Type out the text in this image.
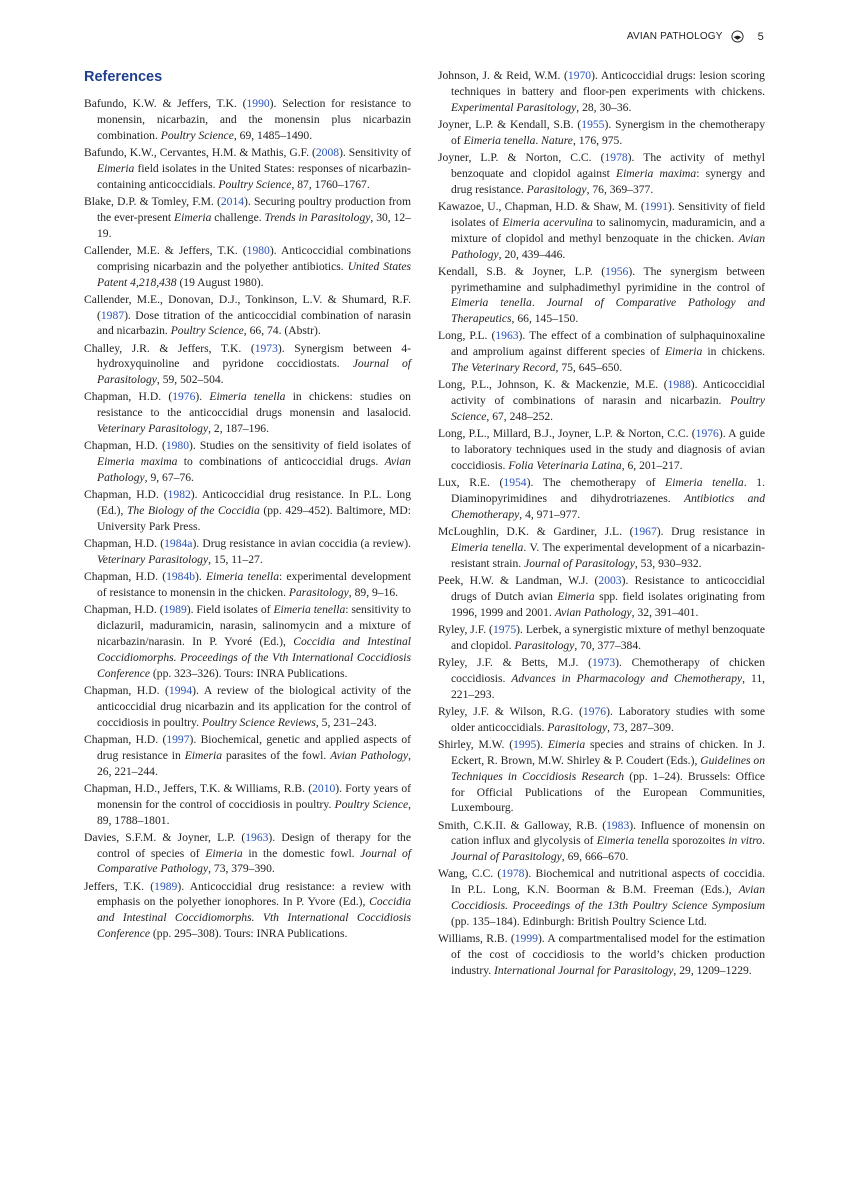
AVIAN PATHOLOGY	5
References

Bafundo, K.W. & Jeffers, T.K. (1990). Selection for resistance to monensin, nicarbazin, and the monensin plus nicarbazin combination. Poultry Science, 69, 1485–1490.

Bafundo, K.W., Cervantes, H.M. & Mathis, G.F. (2008). Sensitivity of Eimeria field isolates in the United States: responses of nicarbazin-containing anticoccidials. Poultry Science, 87, 1760–1767.

Blake, D.P. & Tomley, F.M. (2014). Securing poultry production from the ever-present Eimeria challenge. Trends in Parasitology, 30, 12–19.

Callender, M.E. & Jeffers, T.K. (1980). Anticoccidial combinations comprising nicarbazin and the polyether antibiotics. United States Patent 4,218,438 (19 August 1980).

Callender, M.E., Donovan, D.J., Tonkinson, L.V. & Shumard, R.F. (1987). Dose titration of the anticoccidial combination of narasin and nicarbazin. Poultry Science, 66, 74. (Abstr).

Challey, J.R. & Jeffers, T.K. (1973). Synergism between 4-hydroxyquinoline and pyridone coccidiostats. Journal of Parasitology, 59, 502–504.

Chapman, H.D. (1976). Eimeria tenella in chickens: studies on resistance to the anticoccidial drugs monensin and lasalocid. Veterinary Parasitology, 2, 187–196.

Chapman, H.D. (1980). Studies on the sensitivity of field isolates of Eimeria maxima to combinations of anticoccidial drugs. Avian Pathology, 9, 67–76.

Chapman, H.D. (1982). Anticoccidial drug resistance. In P.L. Long (Ed.), The Biology of the Coccidia (pp. 429–452). Baltimore, MD: University Park Press.

Chapman, H.D. (1984a). Drug resistance in avian coccidia (a review). Veterinary Parasitology, 15, 11–27.

Chapman, H.D. (1984b). Eimeria tenella: experimental development of resistance to monensin in the chicken. Parasitology, 89, 9–16.

Chapman, H.D. (1989). Field isolates of Eimeria tenella: sensitivity to diclazuril, maduramicin, narasin, salinomycin and a mixture of nicarbazin/narasin. In P. Yvoré (Ed.), Coccidia and Intestinal Coccidiomorphs. Proceedings of the Vth International Coccidiosis Conference (pp. 323–326). Tours: INRA Publications.

Chapman, H.D. (1994). A review of the biological activity of the anticoccidial drug nicarbazin and its application for the control of coccidiosis in poultry. Poultry Science Reviews, 5, 231–243.

Chapman, H.D. (1997). Biochemical, genetic and applied aspects of drug resistance in Eimeria parasites of the fowl. Avian Pathology, 26, 221–244.

Chapman, H.D., Jeffers, T.K. & Williams, R.B. (2010). Forty years of monensin for the control of coccidiosis in poultry. Poultry Science, 89, 1788–1801.

Davies, S.F.M. & Joyner, L.P. (1963). Design of therapy for the control of species of Eimeria in the domestic fowl. Journal of Comparative Pathology, 73, 379–390.

Jeffers, T.K. (1989). Anticoccidial drug resistance: a review with emphasis on the polyether ionophores. In P. Yvore (Ed.), Coccidia and Intestinal Coccidiomorphs. Vth International Coccidiosis Conference (pp. 295–308). Tours: INRA Publications.

Johnson, J. & Reid, W.M. (1970). Anticoccidial drugs: lesion scoring techniques in battery and floor-pen experiments with chickens. Experimental Parasitology, 28, 30–36.

Joyner, L.P. & Kendall, S.B. (1955). Synergism in the chemotherapy of Eimeria tenella. Nature, 176, 975.

Joyner, L.P. & Norton, C.C. (1978). The activity of methyl benzoquate and clopidol against Eimeria maxima: synergy and drug resistance. Parasitology, 76, 369–377.

Kawazoe, U., Chapman, H.D. & Shaw, M. (1991). Sensitivity of field isolates of Eimeria acervulina to salinomycin, maduramicin, and a mixture of clopidol and methyl benzoquate in the chicken. Avian Pathology, 20, 439–446.

Kendall, S.B. & Joyner, L.P. (1956). The synergism between pyrimethamine and sulphadimethyl pyrimidine in the control of Eimeria tenella. Journal of Comparative Pathology and Therapeutics, 66, 145–150.

Long, P.L. (1963). The effect of a combination of sulphaquinoxaline and amprolium against different species of Eimeria in chickens. The Veterinary Record, 75, 645–650.

Long, P.L., Johnson, K. & Mackenzie, M.E. (1988). Anticoccidial activity of combinations of narasin and nicarbazin. Poultry Science, 67, 248–252.

Long, P.L., Millard, B.J., Joyner, L.P. & Norton, C.C. (1976). A guide to laboratory techniques used in the study and diagnosis of avian coccidiosis. Folia Veterinaria Latina, 6, 201–217.

Lux, R.E. (1954). The chemotherapy of Eimeria tenella. 1. Diaminopyrimidines and dihydrotriazenes. Antibiotics and Chemotherapy, 4, 971–977.

McLoughlin, D.K. & Gardiner, J.L. (1967). Drug resistance in Eimeria tenella. V. The experimental development of a nicarbazin-resistant strain. Journal of Parasitology, 53, 930–932.

Peek, H.W. & Landman, W.J. (2003). Resistance to anticoccidial drugs of Dutch avian Eimeria spp. field isolates originating from 1996, 1999 and 2001. Avian Pathology, 32, 391–401.

Ryley, J.F. (1975). Lerbek, a synergistic mixture of methyl benzoquate and clopidol. Parasitology, 70, 377–384.

Ryley, J.F. & Betts, M.J. (1973). Chemotherapy of chicken coccidiosis. Advances in Pharmacology and Chemotherapy, 11, 221–293.

Ryley, J.F. & Wilson, R.G. (1976). Laboratory studies with some older anticoccidials. Parasitology, 73, 287–309.

Shirley, M.W. (1995). Eimeria species and strains of chicken. In J. Eckert, R. Brown, M.W. Shirley & P. Coudert (Eds.), Guidelines on Techniques in Coccidiosis Research (pp. 1–24). Brussels: Office for Official Publications of the European Communities, Luxembourg.

Smith, C.K.II. & Galloway, R.B. (1983). Influence of monensin on cation influx and glycolysis of Eimeria tenella sporozoites in vitro. Journal of Parasitology, 69, 666–670.

Wang, C.C. (1978). Biochemical and nutritional aspects of coccidia. In P.L. Long, K.N. Boorman & B.M. Freeman (Eds.), Avian Coccidiosis. Proceedings of the 13th Poultry Science Symposium (pp. 135–184). Edinburgh: British Poultry Science Ltd.

Williams, R.B. (1999). A compartmentalised model for the estimation of the cost of coccidiosis to the world’s chicken production industry. International Journal for Parasitology, 29, 1209–1229.
